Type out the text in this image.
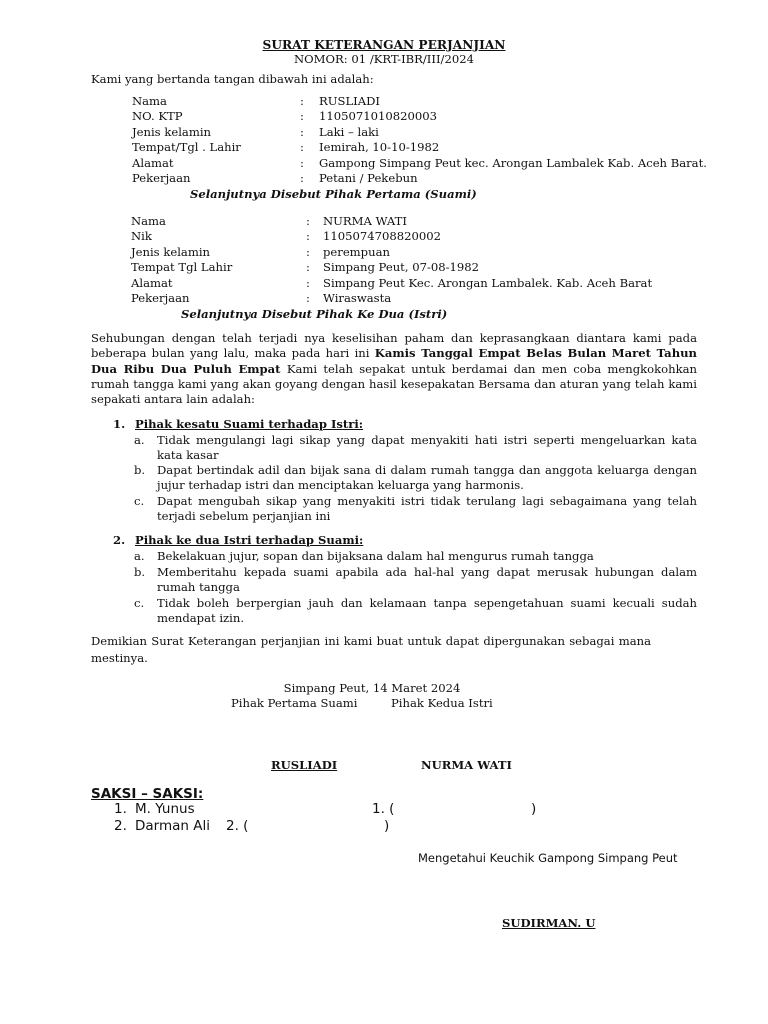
SURAT KETERANGAN PERJANJIAN
NOMOR: 01 /KRT-IBR/III/2024
Kami yang bertanda tangan dibawah ini adalah:
Nama	: RUSLIADI
NO. KTP	: 1105071010820003
Jenis kelamin	: Laki – laki
Tempat/Tgl . Lahir	: Iemirah, 10-10-1982
Alamat	: Gampong Simpang Peut kec. Arongan Lambalek Kab. Aceh Barat.
Pekerjaan	: Petani / Pekebun
Selanjutnya Disebut Pihak Pertama (Suami)
Nama	: NURMA WATI
Nik	: 1105074708820002
Jenis kelamin	: perempuan
Tempat Tgl Lahir	: Simpang Peut, 07-08-1982
Alamat	: Simpang Peut Kec. Arongan Lambalek. Kab. Aceh Barat
Pekerjaan	: Wiraswasta
Selanjutnya Disebut Pihak Ke Dua (Istri)
Sehubungan dengan telah terjadi nya keselisihan paham dan keprasangkaan diantara kami pada beberapa bulan yang lalu, maka pada hari ini Kamis Tanggal Empat Belas Bulan Maret Tahun Dua Ribu Dua Puluh Empat Kami telah sepakat untuk berdamai dan men coba mengkokohkan rumah tangga kami yang akan goyang dengan hasil kesepakatan Bersama dan aturan yang telah kami sepakati antara lain adalah:
1. Pihak kesatu Suami terhadap Istri:
a. Tidak mengulangi lagi sikap yang dapat menyakiti hati istri seperti mengeluarkan kata kata kasar
b. Dapat bertindak adil dan bijak sana di dalam rumah tangga dan anggota keluarga dengan jujur terhadap istri dan menciptakan keluarga yang harmonis.
c. Dapat mengubah sikap yang menyakiti istri tidak terulang lagi sebagaimana yang telah terjadi sebelum perjanjian ini
2. Pihak ke dua Istri terhadap Suami:
a. Bekelakuan jujur, sopan dan bijaksana dalam hal mengurus rumah tangga
b. Memberitahu kepada suami apabila ada hal-hal yang dapat merusak hubungan dalam rumah tangga
c. Tidak boleh berpergian jauh dan kelamaan tanpa sepengetahuan suami kecuali sudah mendapat izin.
Demikian Surat Keterangan perjanjian ini kami buat untuk dapat dipergunakan sebagai mana mestinya.
Simpang Peut, 14 Maret 2024
Pihak Pertama Suami	Pihak Kedua Istri
RUSLIADI	NURMA WATI
SAKSI – SAKSI:
1. M. Yunus	1. (	)
2. Darman Ali 2. (	)
Mengetahui Keuchik Gampong Simpang Peut
SUDIRMAN. U
